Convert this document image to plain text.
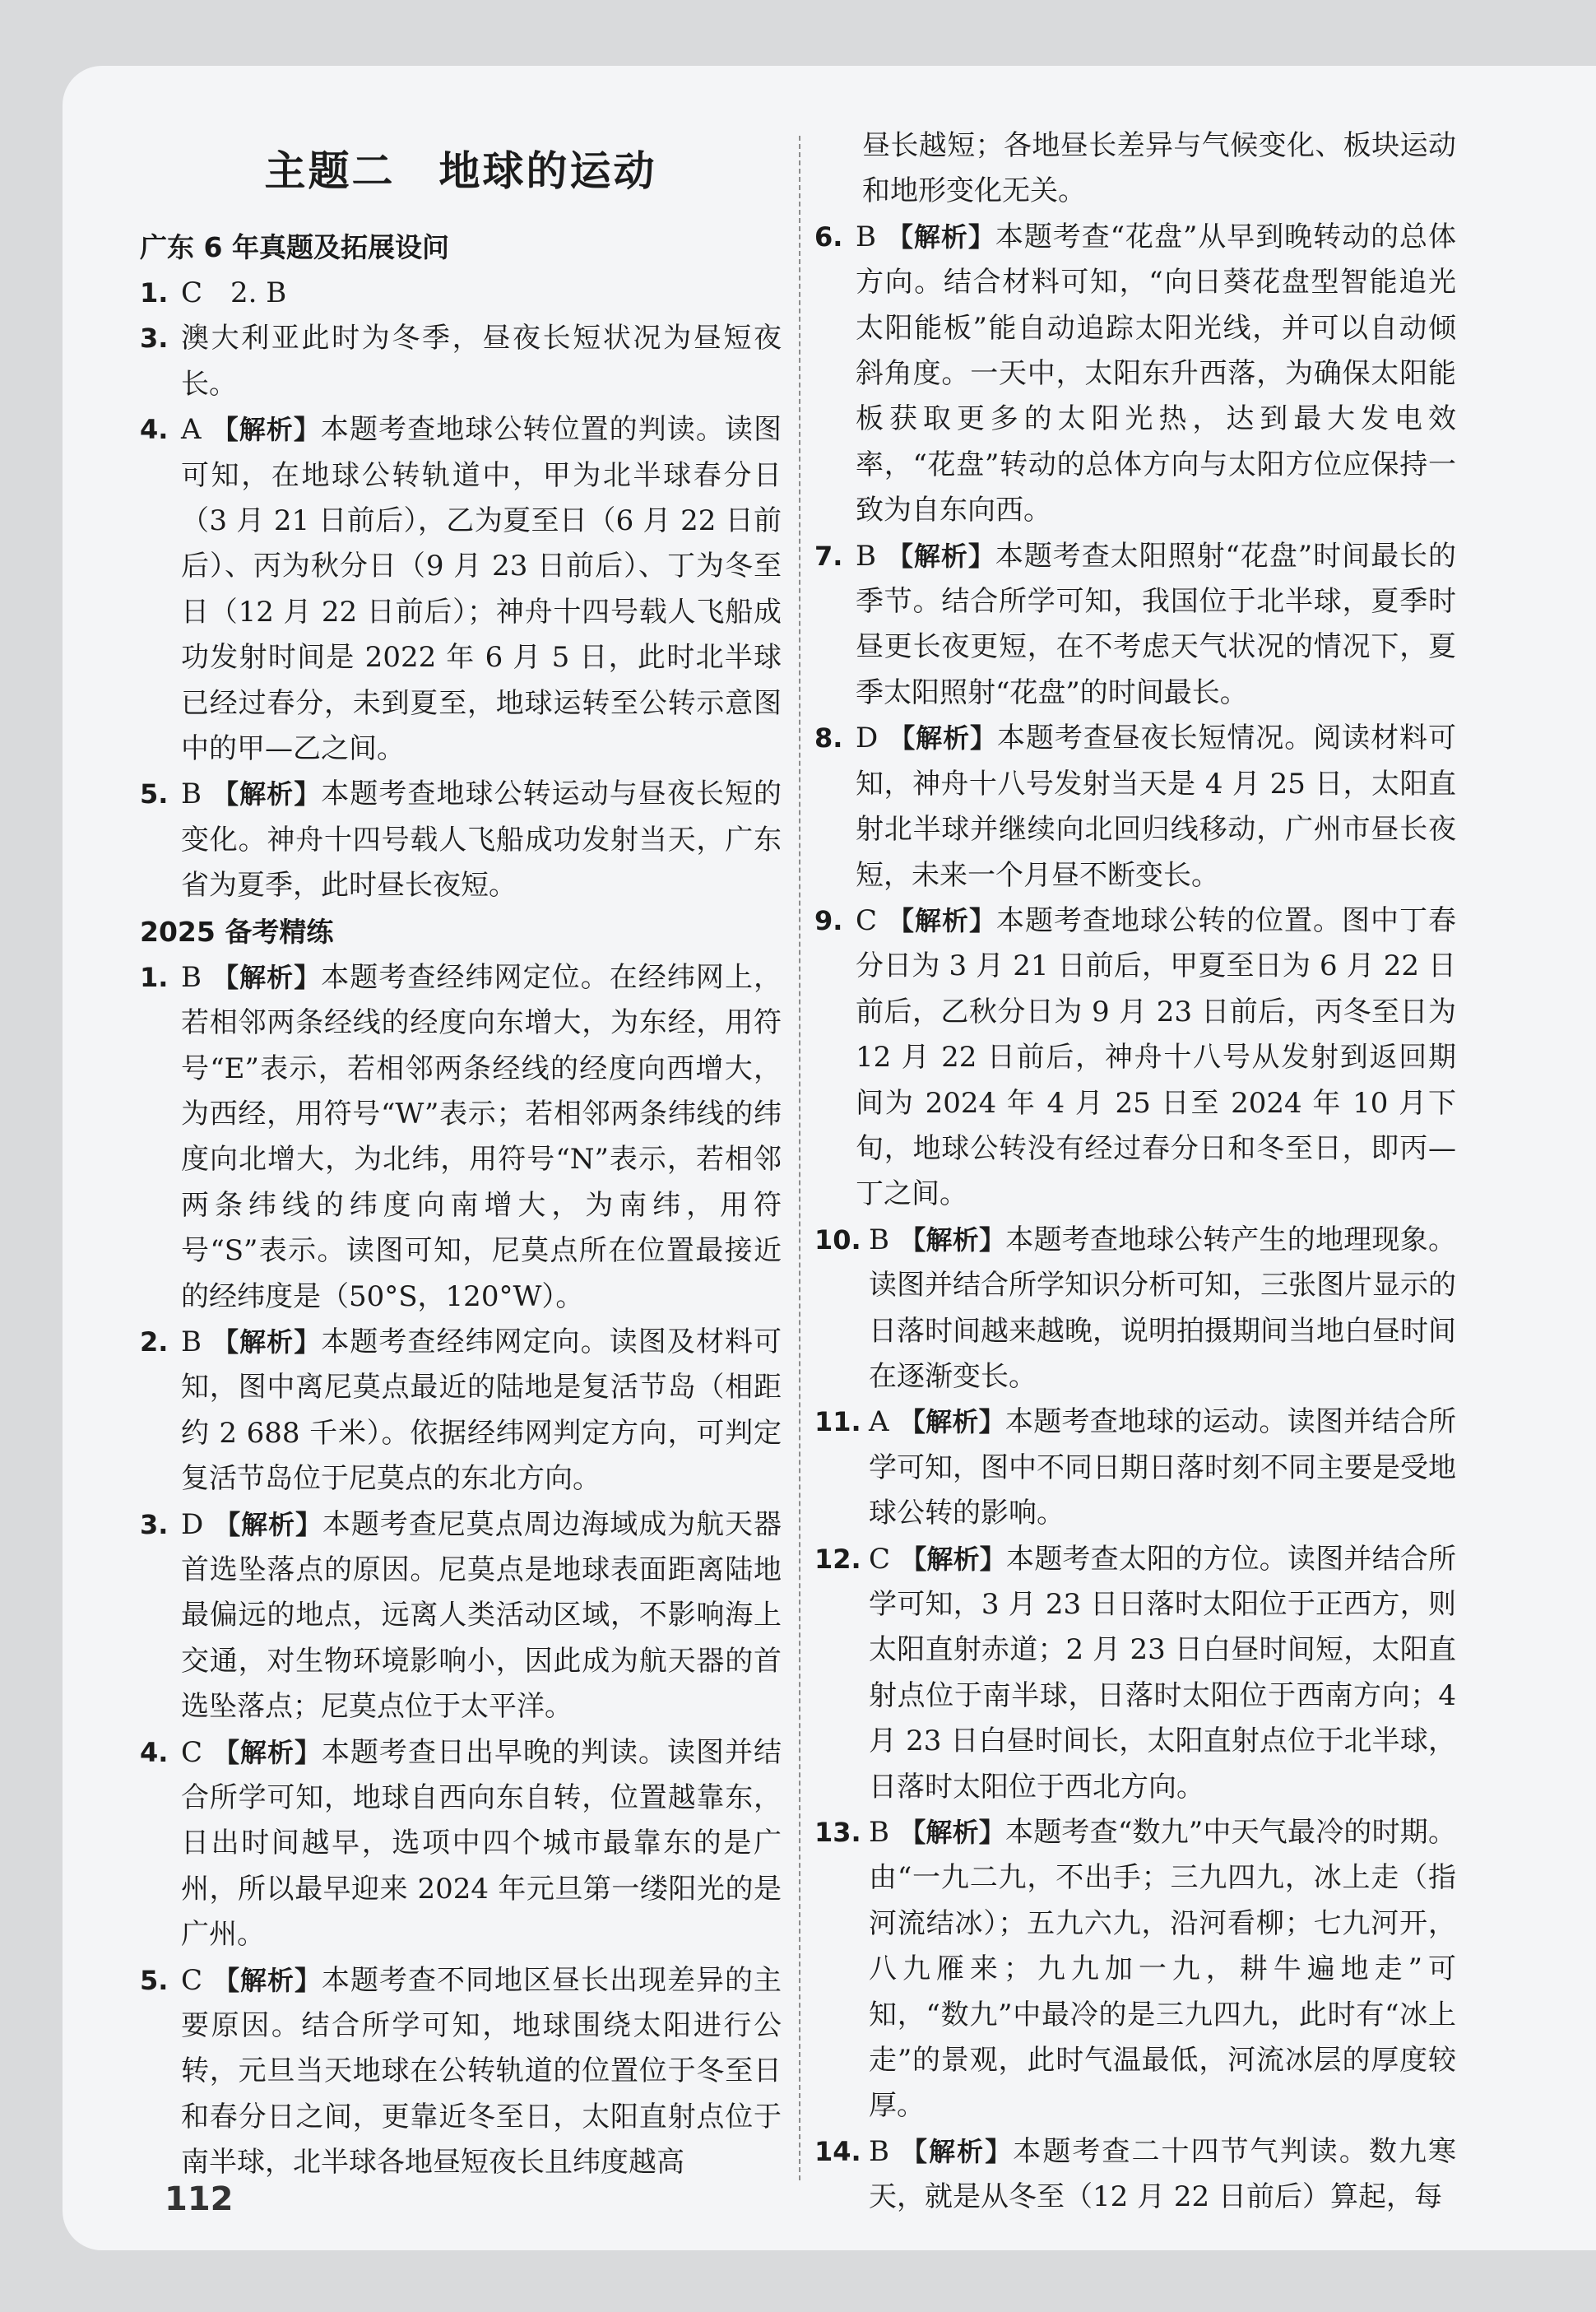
主题二　地球的运动

广东 6 年真题及拓展设问

1. C　2. B

3. 澳大利亚此时为冬季，昼夜长短状况为昼短夜长。

4. A 【解析】本题考查地球公转位置的判读。读图可知，在地球公转轨道中，甲为北半球春分日（3 月 21 日前后），乙为夏至日（6 月 22 日前后）、丙为秋分日（9 月 23 日前后）、丁为冬至日（12 月 22 日前后）；神舟十四号载人飞船成功发射时间是 2022 年 6 月 5 日，此时北半球已经过春分，未到夏至，地球运转至公转示意图中的甲—乙之间。

5. B 【解析】本题考查地球公转运动与昼夜长短的变化。神舟十四号载人飞船成功发射当天，广东省为夏季，此时昼长夜短。

2025 备考精练

1. B 【解析】本题考查经纬网定位。在经纬网上，若相邻两条经线的经度向东增大，为东经，用符号“E”表示，若相邻两条经线的经度向西增大，为西经，用符号“W”表示；若相邻两条纬线的纬度向北增大，为北纬，用符号“N”表示，若相邻两条纬线的纬度向南增大，为南纬，用符号“S”表示。读图可知，尼莫点所在位置最接近的经纬度是（50°S，120°W）。

2. B 【解析】本题考查经纬网定向。读图及材料可知，图中离尼莫点最近的陆地是复活节岛（相距约 2 688 千米）。依据经纬网判定方向，可判定复活节岛位于尼莫点的东北方向。

3. D 【解析】本题考查尼莫点周边海域成为航天器首选坠落点的原因。尼莫点是地球表面距离陆地最偏远的地点，远离人类活动区域，不影响海上交通，对生物环境影响小，因此成为航天器的首选坠落点；尼莫点位于太平洋。

4. C 【解析】本题考查日出早晚的判读。读图并结合所学可知，地球自西向东自转，位置越靠东，日出时间越早，选项中四个城市最靠东的是广州，所以最早迎来 2024 年元旦第一缕阳光的是广州。

5. C 【解析】本题考查不同地区昼长出现差异的主要原因。结合所学可知，地球围绕太阳进行公转，元旦当天地球在公转轨道的位置位于冬至日和春分日之间，更靠近冬至日，太阳直射点位于南半球，北半球各地昼短夜长且纬度越高

昼长越短；各地昼长差异与气候变化、板块运动和地形变化无关。

6. B 【解析】本题考查“花盘”从早到晚转动的总体方向。结合材料可知，“向日葵花盘型智能追光太阳能板”能自动追踪太阳光线，并可以自动倾斜角度。一天中，太阳东升西落，为确保太阳能板获取更多的太阳光热，达到最大发电效率，“花盘”转动的总体方向与太阳方位应保持一致为自东向西。

7. B 【解析】本题考查太阳照射“花盘”时间最长的季节。结合所学可知，我国位于北半球，夏季时昼更长夜更短，在不考虑天气状况的情况下，夏季太阳照射“花盘”的时间最长。

8. D 【解析】本题考查昼夜长短情况。阅读材料可知，神舟十八号发射当天是 4 月 25 日，太阳直射北半球并继续向北回归线移动，广州市昼长夜短，未来一个月昼不断变长。

9. C 【解析】本题考查地球公转的位置。图中丁春分日为 3 月 21 日前后，甲夏至日为 6 月 22 日前后，乙秋分日为 9 月 23 日前后，丙冬至日为 12 月 22 日前后，神舟十八号从发射到返回期间为 2024 年 4 月 25 日至 2024 年 10 月下旬，地球公转没有经过春分日和冬至日，即丙—丁之间。

10. B 【解析】本题考查地球公转产生的地理现象。读图并结合所学知识分析可知，三张图片显示的日落时间越来越晚，说明拍摄期间当地白昼时间在逐渐变长。

11. A 【解析】本题考查地球的运动。读图并结合所学可知，图中不同日期日落时刻不同主要是受地球公转的影响。

12. C 【解析】本题考查太阳的方位。读图并结合所学可知，3 月 23 日日落时太阳位于正西方，则太阳直射赤道；2 月 23 日白昼时间短，太阳直射点位于南半球，日落时太阳位于西南方向；4 月 23 日白昼时间长，太阳直射点位于北半球，日落时太阳位于西北方向。

13. B 【解析】本题考查“数九”中天气最冷的时期。由“一九二九，不出手；三九四九，冰上走（指河流结冰）；五九六九，沿河看柳；七九河开，八九雁来；九九加一九，耕牛遍地走”可知，“数九”中最冷的是三九四九，此时有“冰上走”的景观，此时气温最低，河流冰层的厚度较厚。

14. B 【解析】本题考查二十四节气判读。数九寒天，就是从冬至（12 月 22 日前后）算起，每

112
